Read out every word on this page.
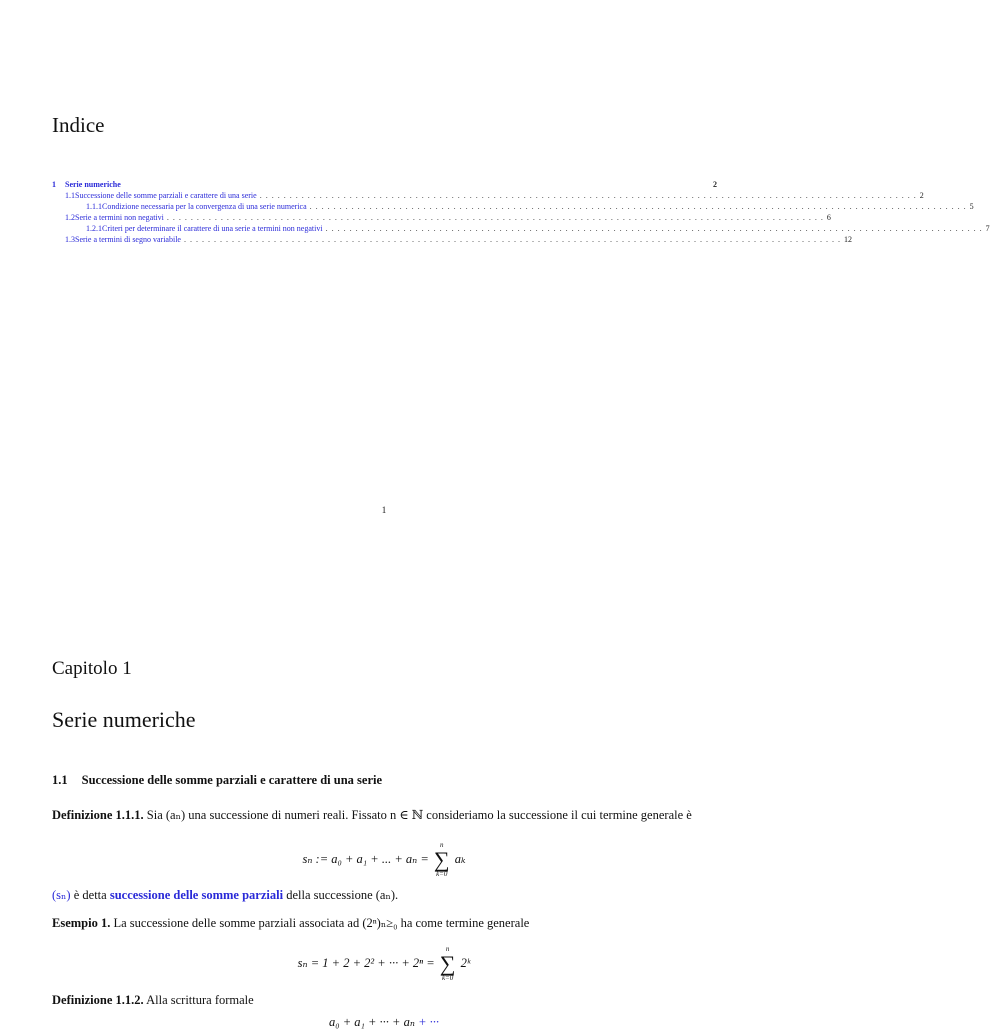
Indice
1	Serie numeriche
	2
1.1 Successione delle somme parziali e carattere di una serie . . . . . . . . . . . . . . . . . . . . . . . . . . . . . . . . . . . . . . . . . . . . . . . . . . . . . . . . . . . . . . . . . . . . . . . . . . . . . . . . . . . . . . . . . . . . . . . . . . . . . . . . . . . . . . 2
1.1.1 Condizione necessaria per la convergenza di una serie numerica . . . . . . . . . . . . . . . . . . . . . . . . . . . . . . . . . . . . . . . . . . . . . . . . . . . . . . . . . . . . . . . . . . . . . . . . . . . . . . . . . . . . . . . . . . . . . . . . . . . . . . . . . . . . . . 5
1.2 Serie a termini non negativi . . . . . . . . . . . . . . . . . . . . . . . . . . . . . . . . . . . . . . . . . . . . . . . . . . . . . . . . . . . . . . . . . . . . . . . . . . . . . . . . . . . . . . . . . . . . . . . . . . . . . . . . . . . . . . 6
1.2.1 Criteri per determinare il carattere di una serie a termini non negativi . . . . . . . . . . . . . . . . . . . . . . . . . . . . . . . . . . . . . . . . . . . . . . . . . . . . . . . . . . . . . . . . . . . . . . . . . . . . . . . . . . . . . . . . . . . . . . . . . . . . . . . . . . . . . . 7
1.3 Serie a termini di segno variabile . . . . . . . . . . . . . . . . . . . . . . . . . . . . . . . . . . . . . . . . . . . . . . . . . . . . . . . . . . . . . . . . . . . . . . . . . . . . . . . . . . . . . . . . . . . . . . . . . . . . . . . . . . . . . . 12
1
Capitolo 1
Serie numeriche
1.1 Successione delle somme parziali e carattere di una serie
Definizione 1.1.1. Sia (aₙ) una successione di numeri reali. Fissato n ∈ ℕ consideriamo la successione il cui termine generale è
sₙ := a₀ + a₁ + ... + aₙ =
n
∑
k=0
aₖ
(sₙ) è detta successione delle somme parziali della successione (aₙ).
Esempio 1. La successione delle somme parziali associata ad (2ⁿ)ₙ≥₀ ha come termine generale
sₙ = 1 + 2 + 2² + ··· + 2ⁿ =
n
∑
k=0
2ᵏ
Definizione 1.1.2. Alla scrittura formale
a₀ + a₁ + ··· + aₙ + ···
